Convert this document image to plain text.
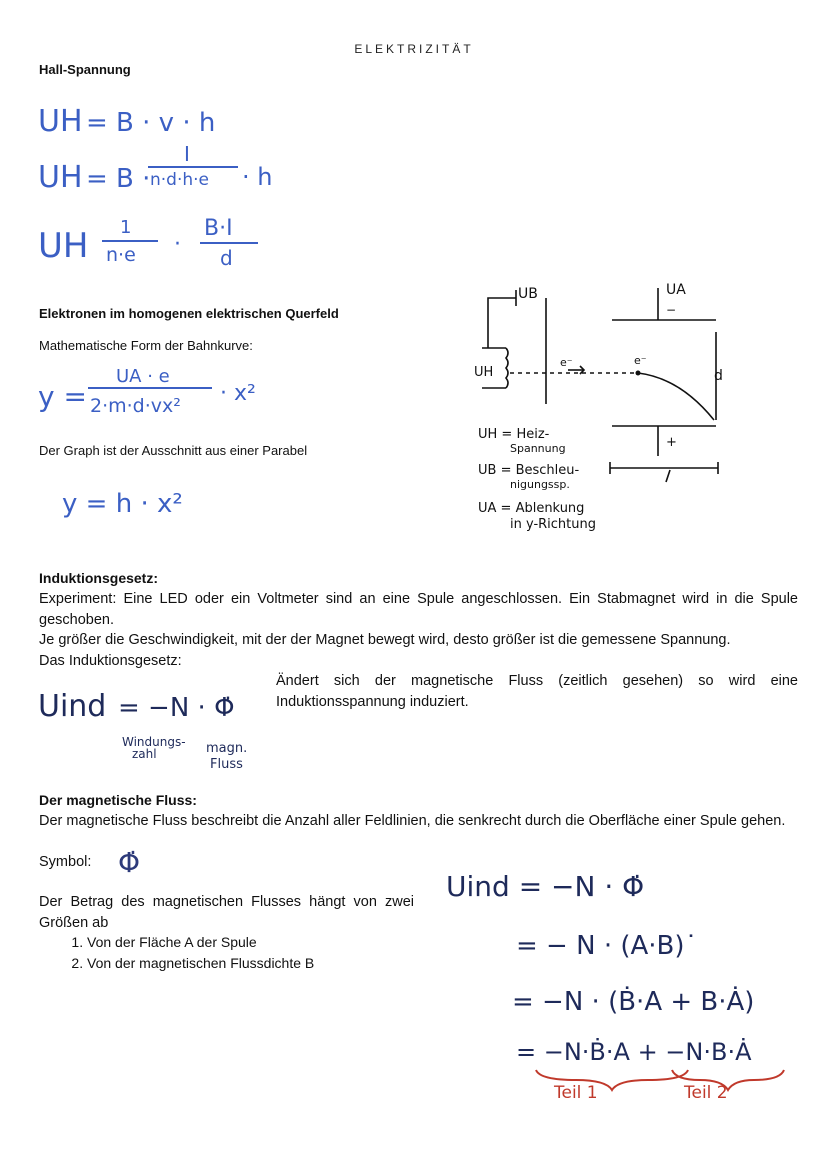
ELEKTRIZITÄT
Hall-Spannung
UH = B · v · h
UH = B ·
I
n·d·h·e · h
UH 1
n·e ·
B·I
d
Elektronen im homogenen elektrischen Querfeld
Mathematische Form der Bahnkurve:
y =
UA · e
2·m·d·vx² · x²
Der Graph ist der Ausschnitt aus einer Parabel
y = h · x²
UB	UA
−
UH
e⁻	e⁻
d
+
UH = Heiz-
Spannung
UB = Beschleu-
nigungssp.
UA = Ablenkung
in y-Richtung
Induktionsgesetz:
Experiment: Eine LED oder ein Voltmeter sind an eine Spule angeschlossen. Ein Stabmagnet wird in die Spule geschoben.
Je größer die Geschwindigkeit, mit der der Magnet bewegt wird, desto größer ist die gemessene Spannung.
Das Induktionsgesetz:
Ändert sich der magnetische Fluss (zeitlich gesehen) so wird eine Induktionsspannung induziert.
Uind = −N · Φ̇
Windungs-
zahl	magn.
Fluss
Der magnetische Fluss:
Der magnetische Fluss beschreibt die Anzahl aller Feldlinien, die senkrecht durch die Oberfläche einer Spule gehen.
Symbol: Φ̇
Der Betrag des magnetischen Flusses hängt von zwei Größen ab
1. Von der Fläche A der Spule
2. Von der magnetischen Flussdichte B
Uind = −N · Φ̇
= − N · (A·B)˙
= −N · (Ḃ·A + B·Ȧ)
= −N·Ḃ·A + −N·B·Ȧ
Teil 1	Teil 2
